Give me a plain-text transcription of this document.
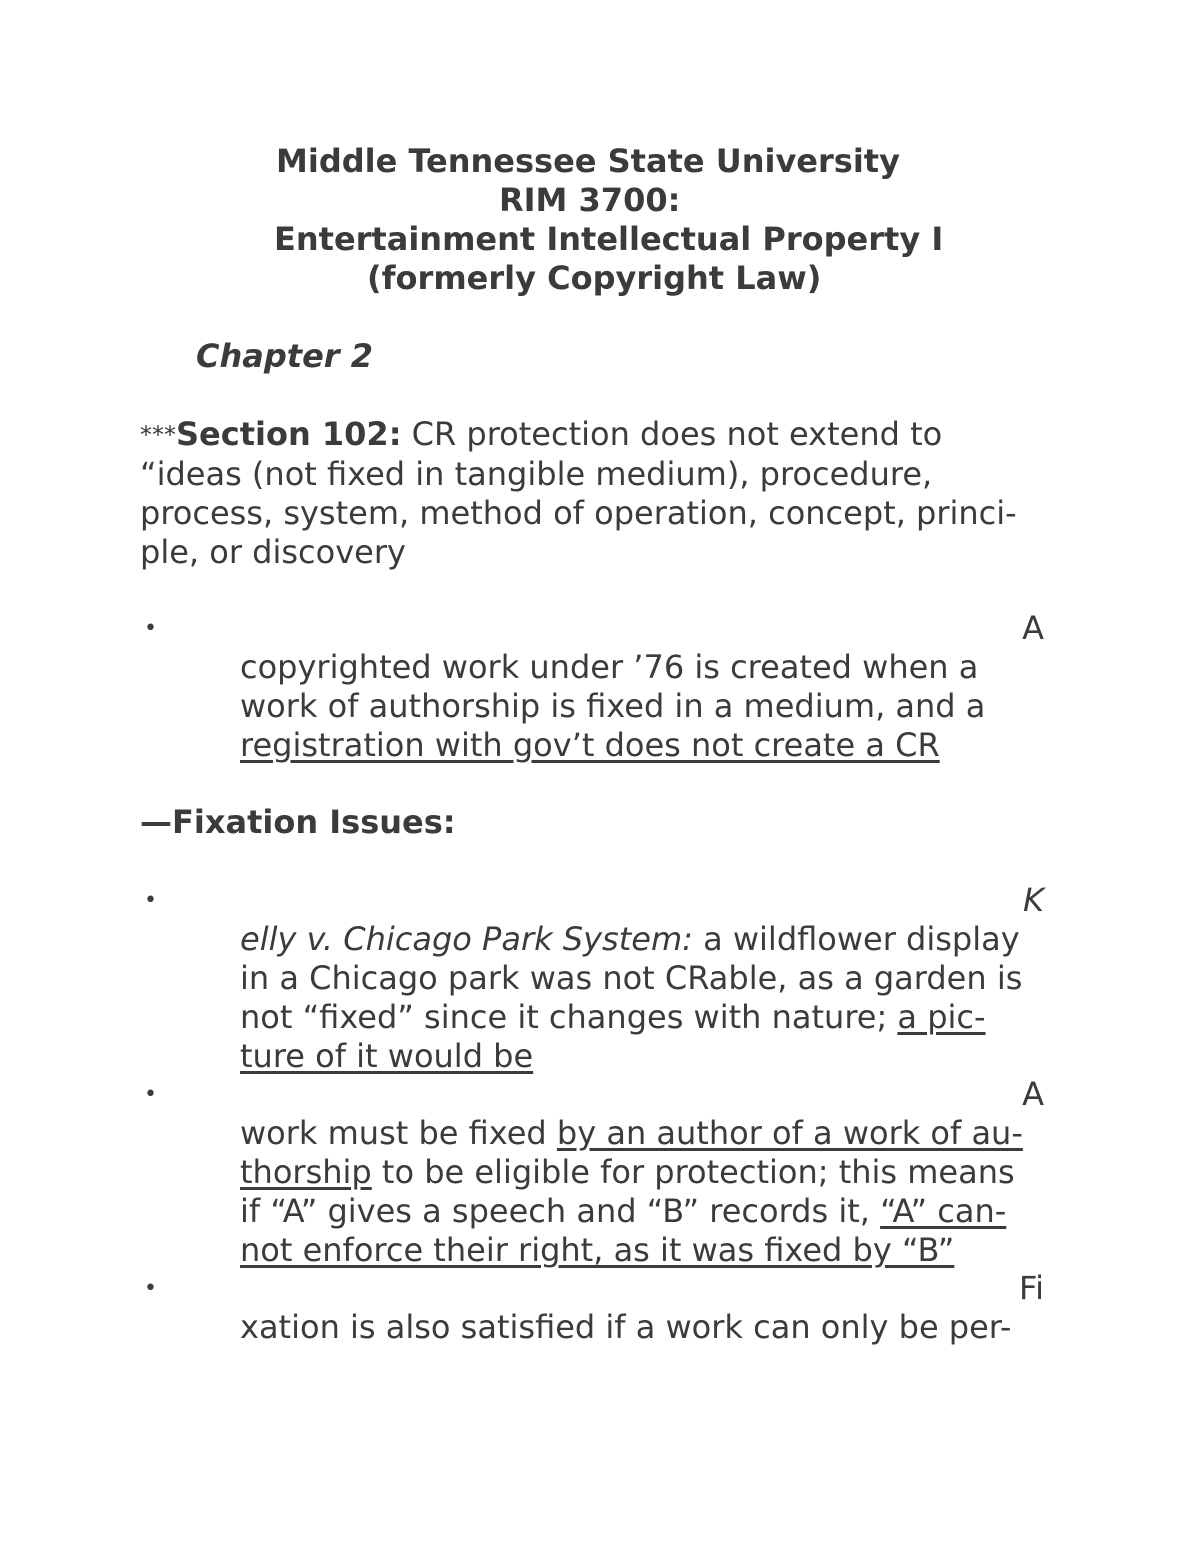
Middle Tennessee State University
RIM 3700:
Entertainment Intellectual Property I
(formerly Copyright Law)
Chapter 2
***Section 102: CR protection does not extend to
“ideas (not fixed in tangible medium), procedure,
process, system, method of operation, concept, princi-
ple, or discovery
•	A
copyrighted work under ’76 is created when a
work of authorship is fixed in a medium, and a
registration with gov’t does not create a CR
—Fixation Issues:
•	K
elly v. Chicago Park System: a wildflower display
in a Chicago park was not CRable, as a garden is
not “fixed” since it changes with nature; a pic-
ture of it would be
•	A
work must be fixed by an author of a work of au-
thorship to be eligible for protection; this means
if “A” gives a speech and “B” records it, “A” can-
not enforce their right, as it was fixed by “B”
•	Fi
xation is also satisfied if a work can only be per-
